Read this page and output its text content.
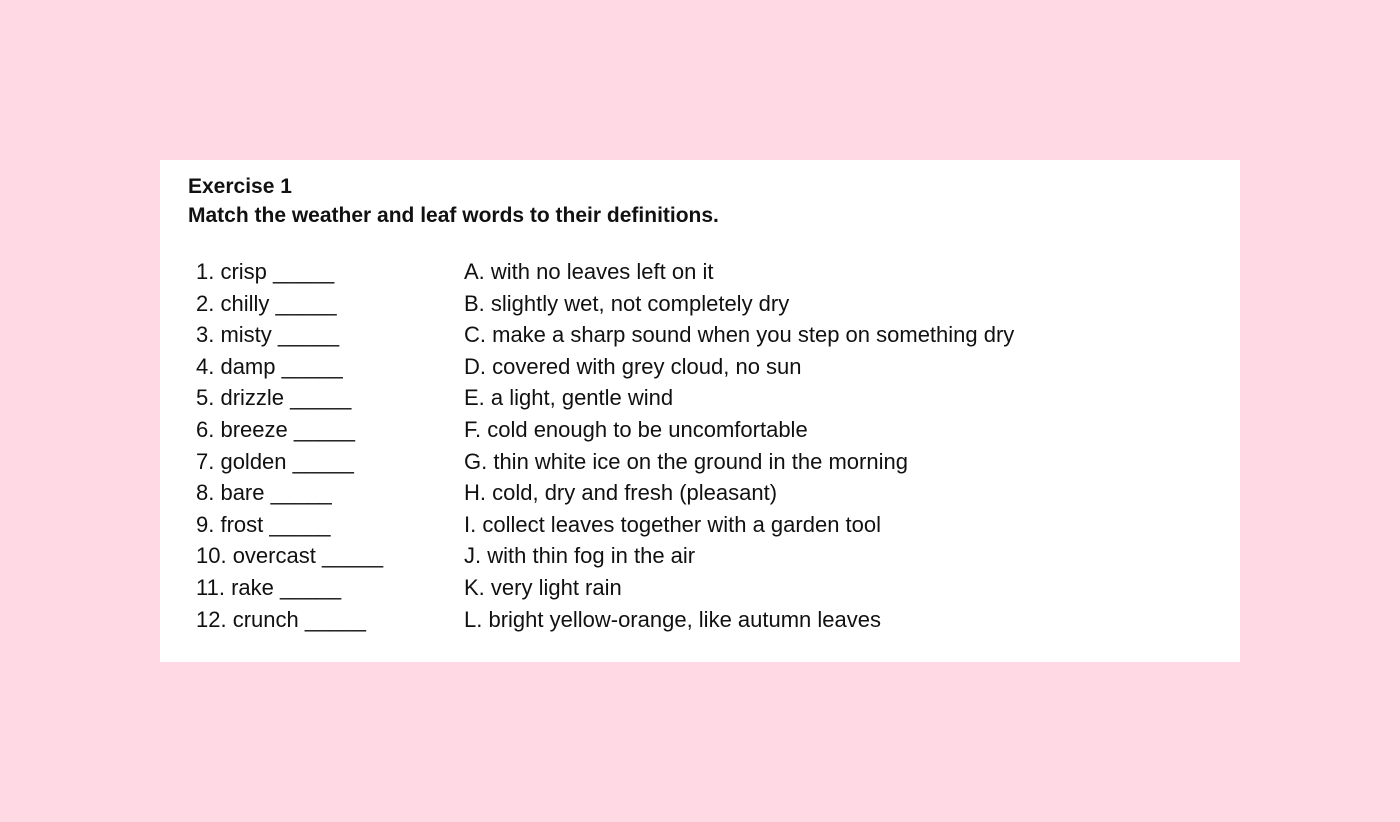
Exercise 1

Match the weather and leaf words to their definitions.

1. crisp _____
2. chilly _____
3. misty _____
4. damp _____
5. drizzle _____
6. breeze _____
7. golden _____
8. bare _____
9. frost _____
10. overcast _____
11. rake _____
12. crunch _____
A. with no leaves left on it
B. slightly wet, not completely dry
C. make a sharp sound when you step on something dry
D. covered with grey cloud, no sun
E. a light, gentle wind
F. cold enough to be uncomfortable
G. thin white ice on the ground in the morning
H. cold, dry and fresh (pleasant)
I. collect leaves together with a garden tool
J. with thin fog in the air
K. very light rain
L. bright yellow-orange, like autumn leaves
